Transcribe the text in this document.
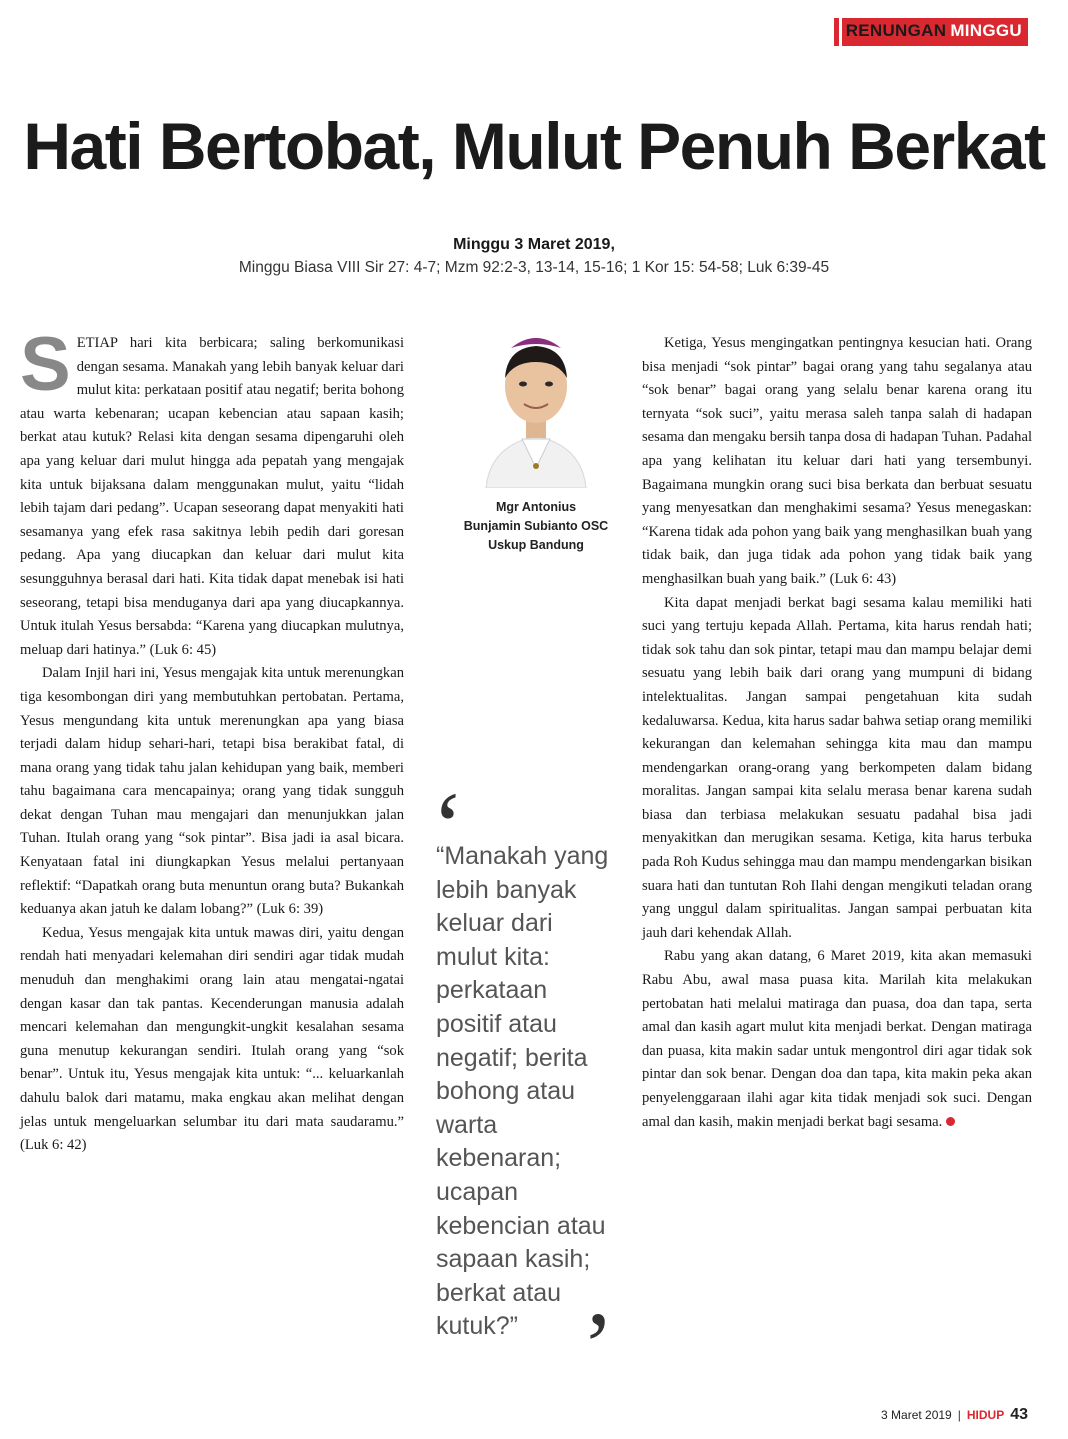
RENUNGAN MINGGU
Hati Bertobat, Mulut Penuh Berkat
Minggu 3 Maret 2019,
Minggu Biasa VIII Sir 27: 4-7; Mzm 92:2-3, 13-14, 15-16; 1 Kor 15: 54-58; Luk 6:39-45

SETIAP hari kita berbicara; saling berkomunikasi dengan sesama. Manakah yang lebih banyak keluar dari mulut kita: perkataan positif atau negatif; berita bohong atau warta kebenaran; ucapan kebencian atau sapaan kasih; berkat atau kutuk? Relasi kita dengan sesama dipengaruhi oleh apa yang keluar dari mulut hingga ada pepatah yang mengajak kita untuk bijaksana dalam menggunakan mulut, yaitu “lidah lebih tajam dari pedang”. Ucapan seseorang dapat menyakiti hati sesamanya yang efek rasa sakitnya lebih pedih dari goresan pedang. Apa yang diucapkan dan keluar dari mulut kita sesungguhnya berasal dari hati. Kita tidak dapat menebak isi hati seseorang, tetapi bisa menduganya dari apa yang diucapkannya. Untuk itulah Yesus bersabda: “Karena yang diucapkan mulutnya, meluap dari hatinya.” (Luk 6: 45)

Dalam Injil hari ini, Yesus mengajak kita untuk merenungkan tiga kesombongan diri yang membutuhkan pertobatan. Pertama, Yesus mengundang kita untuk merenungkan apa yang biasa terjadi dalam hidup sehari-hari, tetapi bisa berakibat fatal, di mana orang yang tidak tahu jalan kehidupan yang baik, memberi tahu bagaimana cara mencapainya; orang yang tidak sungguh dekat dengan Tuhan mau mengajari dan menunjukkan jalan Tuhan. Itulah orang yang “sok pintar”. Bisa jadi ia asal bicara. Kenyataan fatal ini diungkapkan Yesus melalui pertanyaan reflektif: “Dapatkah orang buta menuntun orang buta? Bukankah keduanya akan jatuh ke dalam lobang?” (Luk 6: 39)

Kedua, Yesus mengajak kita untuk mawas diri, yaitu dengan rendah hati menyadari kelemahan diri sendiri agar tidak mudah menuduh dan menghakimi orang lain atau mengatai-ngatai dengan kasar dan tak pantas. Kecenderungan manusia adalah mencari kelemahan dan mengungkit-ungkit kesalahan sesama guna menutup kekurangan sendiri. Itulah orang yang “sok benar”. Untuk itu, Yesus mengajak kita untuk: “... keluarkanlah dahulu balok dari matamu, maka engkau akan melihat dengan jelas untuk mengeluarkan selumbar itu dari mata saudaramu.” (Luk 6: 42)

Mgr Antonius
Bunjamin Subianto OSC
Uskup Bandung
‘
“Manakah yang lebih banyak keluar dari mulut kita: perkataan positif atau negatif; berita bohong atau warta kebenaran; ucapan kebencian atau sapaan kasih; berkat atau kutuk?” ’

Ketiga, Yesus mengingatkan pentingnya kesucian hati. Orang bisa menjadi “sok pintar” bagai orang yang tahu segalanya atau “sok benar” bagai orang yang selalu benar karena orang itu ternyata “sok suci”, yaitu merasa saleh tanpa salah di hadapan sesama dan mengaku bersih tanpa dosa di hadapan Tuhan. Padahal apa yang kelihatan itu keluar dari hati yang tersembunyi. Bagaimana mungkin orang suci bisa berkata dan berbuat sesuatu yang menyesatkan dan menghakimi sesama? Yesus menegaskan: “Karena tidak ada pohon yang baik yang menghasilkan buah yang tidak baik, dan juga tidak ada pohon yang tidak baik yang menghasilkan buah yang baik.” (Luk 6: 43)

Kita dapat menjadi berkat bagi sesama kalau memiliki hati suci yang tertuju kepada Allah. Pertama, kita harus rendah hati; tidak sok tahu dan sok pintar, tetapi mau dan mampu belajar demi sesuatu yang lebih baik dari orang yang mumpuni di bidang intelektualitas. Jangan sampai pengetahuan kita sudah kedaluwarsa. Kedua, kita harus sadar bahwa setiap orang memiliki kekurangan dan kelemahan sehingga kita mau dan mampu mendengarkan orang-orang yang berkompeten dalam bidang moralitas. Jangan sampai kita selalu merasa benar karena sudah biasa dan terbiasa melakukan sesuatu padahal bisa jadi menyakitkan dan merugikan sesama. Ketiga, kita harus terbuka pada Roh Kudus sehingga mau dan mampu mendengarkan bisikan suara hati dan tuntutan Roh Ilahi dengan mengikuti teladan orang yang unggul dalam spiritualitas. Jangan sampai perbuatan kita jauh dari kehendak Allah.

Rabu yang akan datang, 6 Maret 2019, kita akan memasuki Rabu Abu, awal masa puasa kita. Marilah kita melakukan pertobatan hati melalui matiraga dan puasa, doa dan tapa, serta amal dan kasih agart mulut kita menjadi berkat. Dengan matiraga dan puasa, kita makin sadar untuk mengontrol diri agar tidak sok pintar dan sok benar. Dengan doa dan tapa, kita makin peka akan penyelenggaraan ilahi agar kita tidak menjadi sok suci. Dengan amal dan kasih, makin menjadi berkat bagi sesama.

3 Maret 2019 | HIDUP 43
